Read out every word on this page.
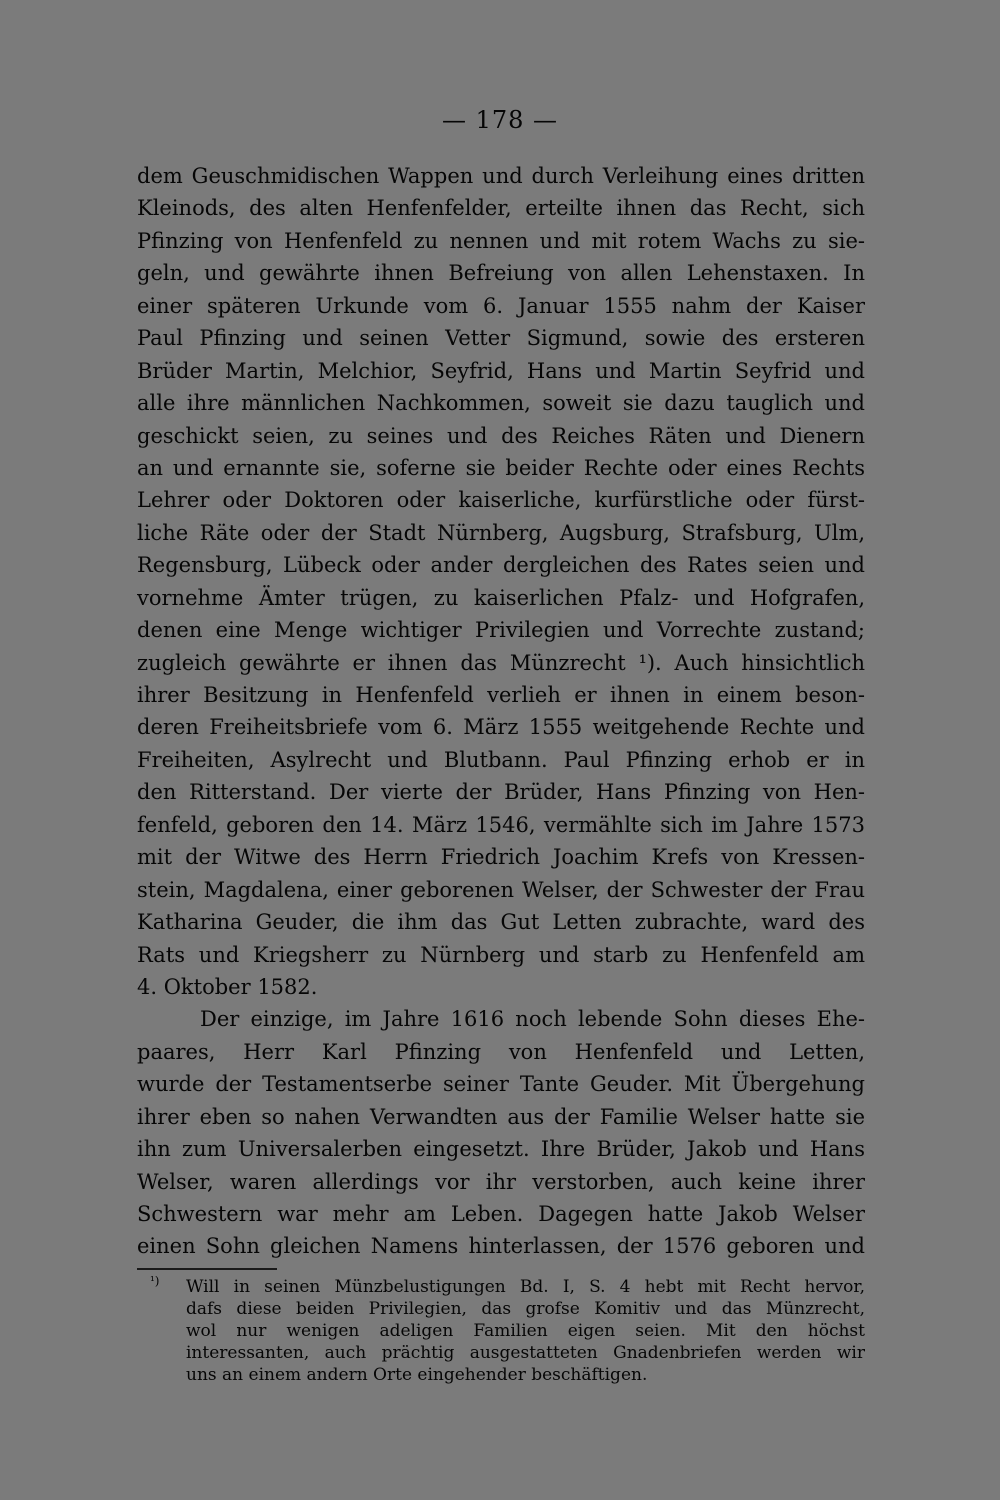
— 178 —
dem Geuschmidischen Wappen und durch Verleihung eines dritten
Kleinods, des alten Henfenfelder, erteilte ihnen das Recht, sich
Pfinzing von Henfenfeld zu nennen und mit rotem Wachs zu sie-
geln, und gewährte ihnen Befreiung von allen Lehenstaxen. In
einer späteren Urkunde vom 6. Januar 1555 nahm der Kaiser
Paul Pfinzing und seinen Vetter Sigmund, sowie des ersteren
Brüder Martin, Melchior, Seyfrid, Hans und Martin Seyfrid und
alle ihre männlichen Nachkommen, soweit sie dazu tauglich und
geschickt seien, zu seines und des Reiches Räten und Dienern
an und ernannte sie, soferne sie beider Rechte oder eines Rechts
Lehrer oder Doktoren oder kaiserliche, kurfürstliche oder fürst-
liche Räte oder der Stadt Nürnberg, Augsburg, Strafsburg, Ulm,
Regensburg, Lübeck oder ander dergleichen des Rates seien und
vornehme Ämter trügen, zu kaiserlichen Pfalz- und Hofgrafen,
denen eine Menge wichtiger Privilegien und Vorrechte zustand;
zugleich gewährte er ihnen das Münzrecht ¹). Auch hinsichtlich
ihrer Besitzung in Henfenfeld verlieh er ihnen in einem beson-
deren Freiheitsbriefe vom 6. März 1555 weitgehende Rechte und
Freiheiten, Asylrecht und Blutbann. Paul Pfinzing erhob er in
den Ritterstand. Der vierte der Brüder, Hans Pfinzing von Hen-
fenfeld, geboren den 14. März 1546, vermählte sich im Jahre 1573
mit der Witwe des Herrn Friedrich Joachim Krefs von Kressen-
stein, Magdalena, einer geborenen Welser, der Schwester der Frau
Katharina Geuder, die ihm das Gut Letten zubrachte, ward des
Rats und Kriegsherr zu Nürnberg und starb zu Henfenfeld am
4. Oktober 1582.
Der einzige, im Jahre 1616 noch lebende Sohn dieses Ehe-
paares, Herr Karl Pfinzing von Henfenfeld und Letten,
wurde der Testamentserbe seiner Tante Geuder. Mit Übergehung
ihrer eben so nahen Verwandten aus der Familie Welser hatte sie
ihn zum Universalerben eingesetzt. Ihre Brüder, Jakob und Hans
Welser, waren allerdings vor ihr verstorben, auch keine ihrer
Schwestern war mehr am Leben. Dagegen hatte Jakob Welser
einen Sohn gleichen Namens hinterlassen, der 1576 geboren und
¹) Will in seinen Münzbelustigungen Bd. I, S. 4 hebt mit Recht hervor,
dafs diese beiden Privilegien, das grofse Komitiv und das Münzrecht,
wol nur wenigen adeligen Familien eigen seien. Mit den höchst
interessanten, auch prächtig ausgestatteten Gnadenbriefen werden wir
uns an einem andern Orte eingehender beschäftigen.
